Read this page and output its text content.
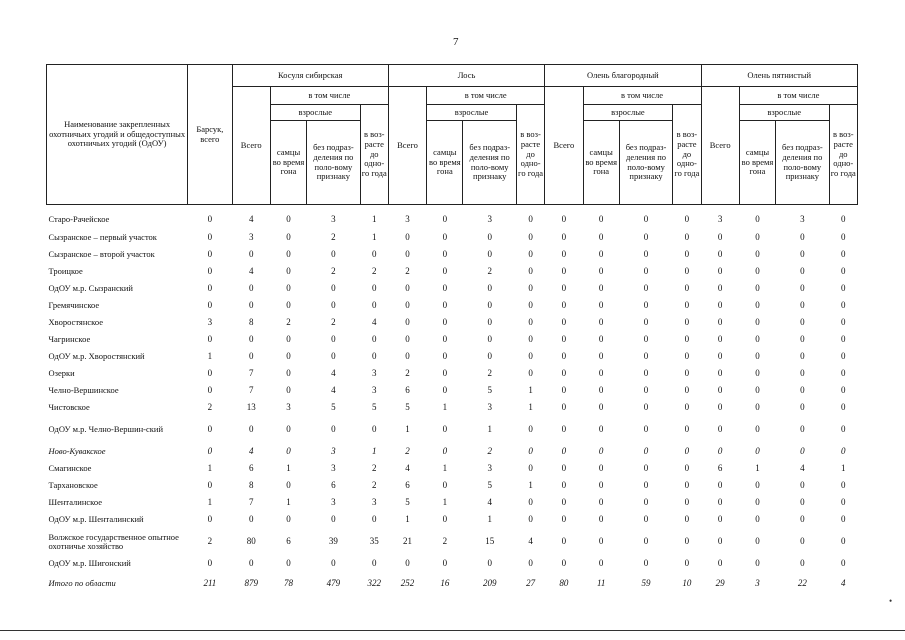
7
Наименование закрепленных охотничьих угодий и общедоступных охотничьих угодий (ОдОУ)	Барсук, всего	Косуля сибирская				Лось				Олень благородный				Олень пятнистый			
		Всего	в том числе			Всего	в том числе			Всего	в том числе			Всего	в том числе		
			взрослые		в воз-расте до одно-го года		взрослые		в воз-расте до одно-го года		взрослые		в воз-расте до одно-го года		взрослые		в воз-расте до одно-го года
			самцы во время гона	без подраз-деления по поло-вому признаку			самцы во время гона	без подраз-деления по поло-вому признаку			самцы во время гона	без подраз-деления по поло-вому признаку			самцы во время гона	без подраз-деления по поло-вому признаку	
Старо-Рачейское	0	4	0	3	1	3	0	3	0	0	0	0	0	3	0	3	0
Сызранское – первый участок	0	3	0	2	1	0	0	0	0	0	0	0	0	0	0	0	0
Сызранское – второй участок	0	0	0	0	0	0	0	0	0	0	0	0	0	0	0	0	0
Троицкое	0	4	0	2	2	2	0	2	0	0	0	0	0	0	0	0	0
ОдОУ м.р. Сызранский	0	0	0	0	0	0	0	0	0	0	0	0	0	0	0	0	0
Гремячинское	0	0	0	0	0	0	0	0	0	0	0	0	0	0	0	0	0
Хворостянское	3	8	2	2	4	0	0	0	0	0	0	0	0	0	0	0	0
Чагринское	0	0	0	0	0	0	0	0	0	0	0	0	0	0	0	0	0
ОдОУ м.р. Хворостянский	1	0	0	0	0	0	0	0	0	0	0	0	0	0	0	0	0
Озерки	0	7	0	4	3	2	0	2	0	0	0	0	0	0	0	0	0
Челно-Вершинское	0	7	0	4	3	6	0	5	1	0	0	0	0	0	0	0	0
Чистовское	2	13	3	5	5	5	1	3	1	0	0	0	0	0	0	0	0
ОдОУ м.р. Челно-Вершин-ский	0	0	0	0	0	1	0	1	0	0	0	0	0	0	0	0	0
Ново-Кувакское	0	4	0	3	1	2	0	2	0	0	0	0	0	0	0	0	0
Смагинское	1	6	1	3	2	4	1	3	0	0	0	0	0	6	1	4	1
Тархановское	0	8	0	6	2	6	0	5	1	0	0	0	0	0	0	0	0
Шенталинское	1	7	1	3	3	5	1	4	0	0	0	0	0	0	0	0	0
ОдОУ м.р. Шенталинский	0	0	0	0	0	1	0	1	0	0	0	0	0	0	0	0	0
Волжское государственное опытное охотничье хозяйство	2	80	6	39	35	21	2	15	4	0	0	0	0	0	0	0	0
ОдОУ м.р. Шигонский	0	0	0	0	0	0	0	0	0	0	0	0	0	0	0	0	0
Итого по области	211	879	78	479	322	252	16	209	27	80	11	59	10	29	3	22	4
•
